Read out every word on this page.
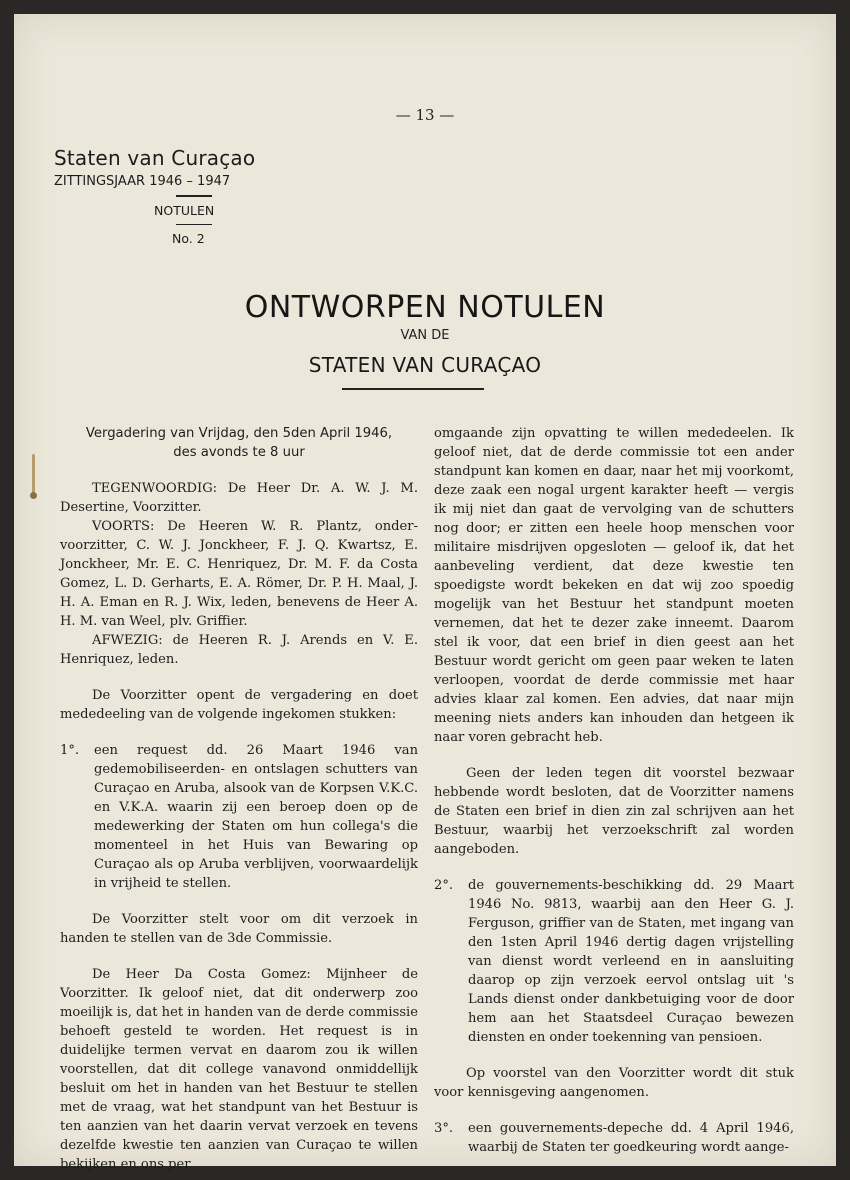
— 13 —
Staten van Curaçao
ZITTINGSJAAR 1946 – 1947
NOTULEN
No. 2
ONTWORPEN NOTULEN
VAN DE
STATEN VAN CURAÇAO

Vergadering van Vrijdag, den 5den April 1946,

des avonds te 8 uur

TEGENWOORDIG: De Heer Dr. A. W. J. M. Desertine, Voorzitter.

VOORTS: De Heeren W. R. Plantz, onder-voorzitter, C. W. J. Jonckheer, F. J. Q. Kwartsz, E. Jonckheer, Mr. E. C. Henriquez, Dr. M. F. da Costa Gomez, L. D. Gerharts, E. A. Römer, Dr. P. H. Maal, J. H. A. Eman en R. J. Wix, leden, benevens de Heer A. H. M. van Weel, plv. Griffier.

AFWEZIG: de Heeren R. J. Arends en V. E. Henriquez, leden.

De Voorzitter opent de vergadering en doet mededeeling van de volgende ingekomen stukken:

1°. een request dd. 26 Maart 1946 van gedemobiliseerden- en ontslagen schutters van Curaçao en Aruba, alsook van de Korpsen V.K.C. en V.K.A. waarin zij een beroep doen op de medewerking der Staten om hun collega's die momenteel in het Huis van Bewaring op Curaçao als op Aruba verblijven, voorwaardelijk in vrijheid te stellen.

De Voorzitter stelt voor om dit verzoek in handen te stellen van de 3de Commissie.

De Heer Da Costa Gomez: Mijnheer de Voorzitter. Ik geloof niet, dat dit onderwerp zoo moeilijk is, dat het in handen van de derde commissie behoeft gesteld te worden. Het request is in duidelijke termen vervat en daarom zou ik willen voorstellen, dat dit college vanavond onmiddellijk besluit om het in handen van het Bestuur te stellen met de vraag, wat het standpunt van het Bestuur is ten aanzien van het daarin vervat verzoek en tevens dezelfde kwestie ten aanzien van Curaçao te willen bekijken en ons per

omgaande zijn opvatting te willen mededeelen. Ik geloof niet, dat de derde commissie tot een ander standpunt kan komen en daar, naar het mij voorkomt, deze zaak een nogal urgent karakter heeft — vergis ik mij niet dan gaat de vervolging van de schutters nog door; er zitten een heele hoop menschen voor militaire misdrijven opgesloten — geloof ik, dat het aanbeveling verdient, dat deze kwestie ten spoedigste wordt bekeken en dat wij zoo spoedig mogelijk van het Bestuur het standpunt moeten vernemen, dat het te dezer zake inneemt. Daarom stel ik voor, dat een brief in dien geest aan het Bestuur wordt gericht om geen paar weken te laten verloopen, voordat de derde commissie met haar advies klaar zal komen. Een advies, dat naar mijn meening niets anders kan inhouden dan hetgeen ik naar voren gebracht heb.

Geen der leden tegen dit voorstel bezwaar hebbende wordt besloten, dat de Voorzitter namens de Staten een brief in dien zin zal schrijven aan het Bestuur, waarbij het verzoekschrift zal worden aangeboden.

2°. de gouvernements-beschikking dd. 29 Maart 1946 No. 9813, waarbij aan den Heer G. J. Ferguson, griffier van de Staten, met ingang van den 1sten April 1946 dertig dagen vrijstelling van dienst wordt verleend en in aansluiting daarop op zijn verzoek eervol ontslag uit 's Lands dienst onder dankbetuiging voor de door hem aan het Staatsdeel Curaçao bewezen diensten en onder toekenning van pensioen.

Op voorstel van den Voorzitter wordt dit stuk voor kennisgeving aangenomen.

3°. een gouvernements-depeche dd. 4 April 1946, waarbij de Staten ter goedkeuring wordt aange-
